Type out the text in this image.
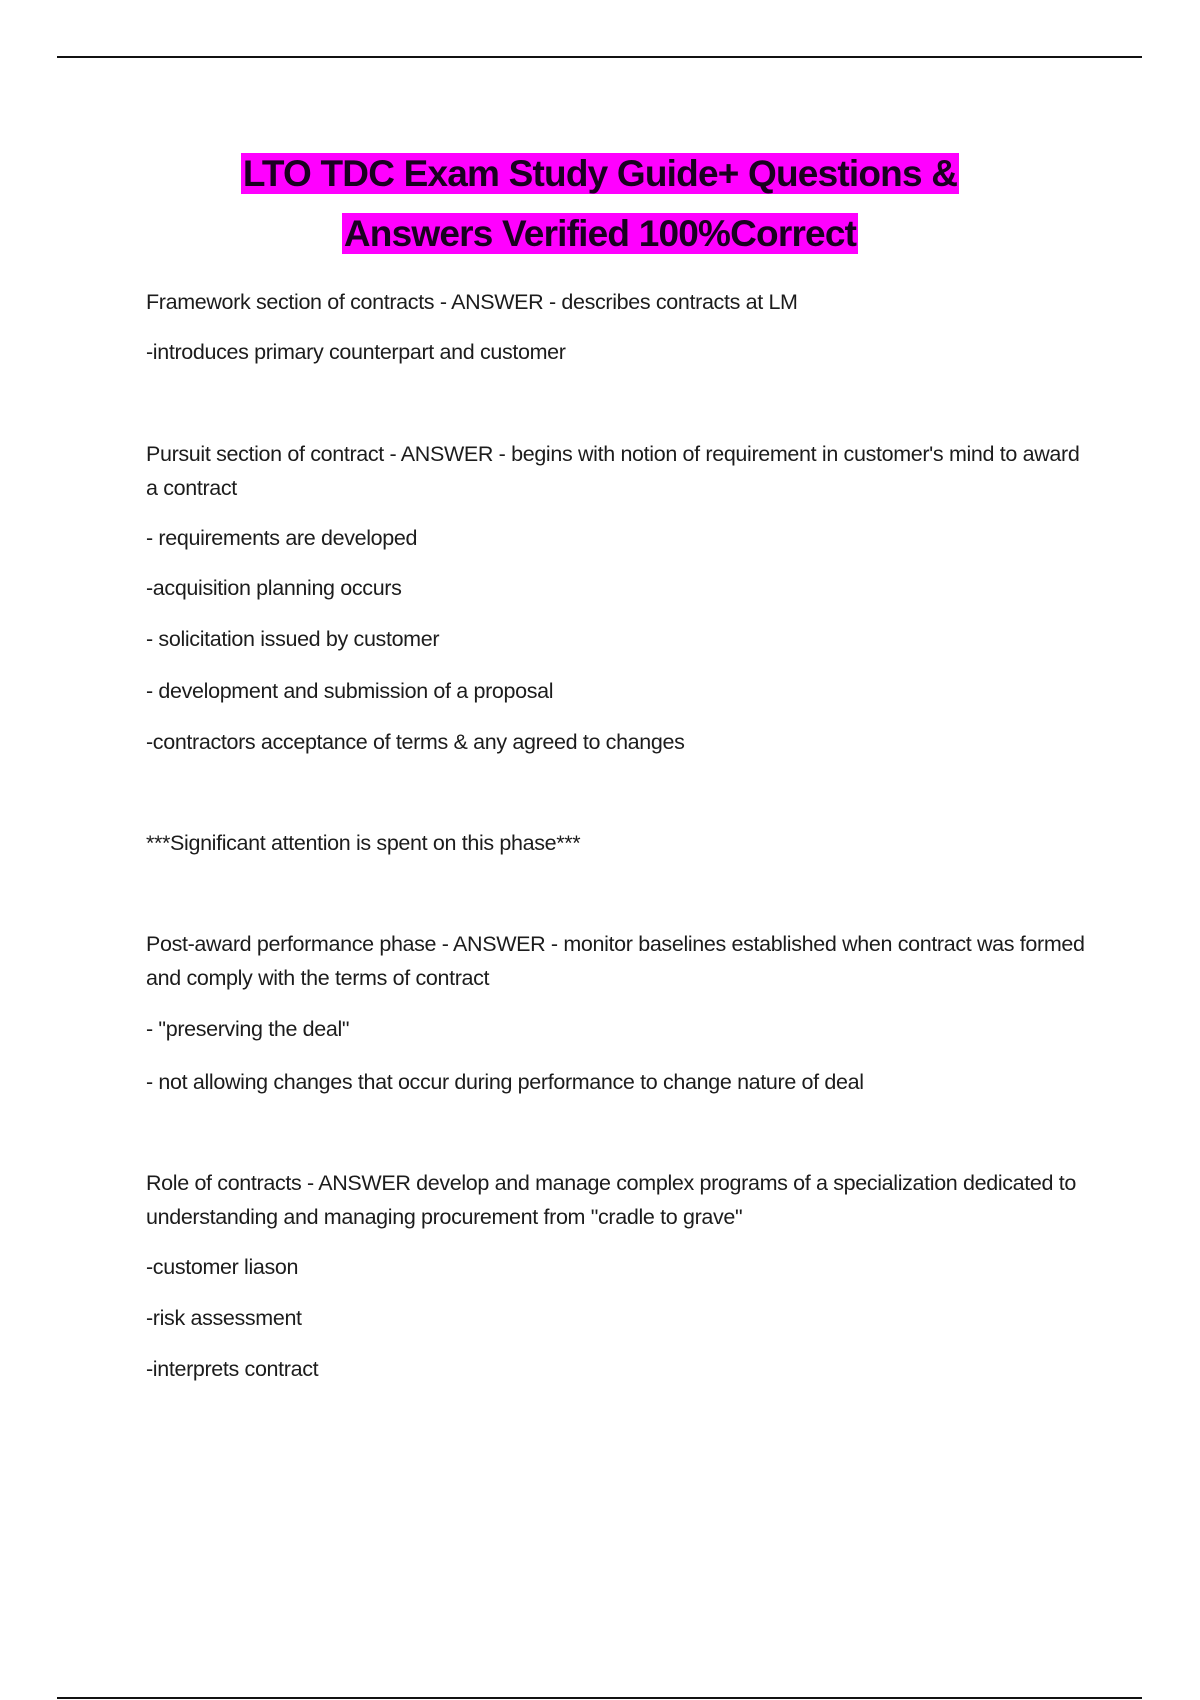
LTO TDC Exam Study Guide+ Questions &
Answers Verified 100%Correct

Framework section of contracts - ANSWER - describes contracts at LM

-introduces primary counterpart and customer

Pursuit section of contract - ANSWER - begins with notion of requirement in customer's mind to award a contract

- requirements are developed

-acquisition planning occurs

- solicitation issued by customer

- development and submission of a proposal

-contractors acceptance of terms & any agreed to changes

***Significant attention is spent on this phase***

Post-award performance phase - ANSWER - monitor baselines established when contract was formed and comply with the terms of contract

- "preserving the deal"

- not allowing changes that occur during performance to change nature of deal

Role of contracts - ANSWER develop and manage complex programs of a specialization dedicated to understanding and managing procurement from "cradle to grave"

-customer liason

-risk assessment

-interprets contract
